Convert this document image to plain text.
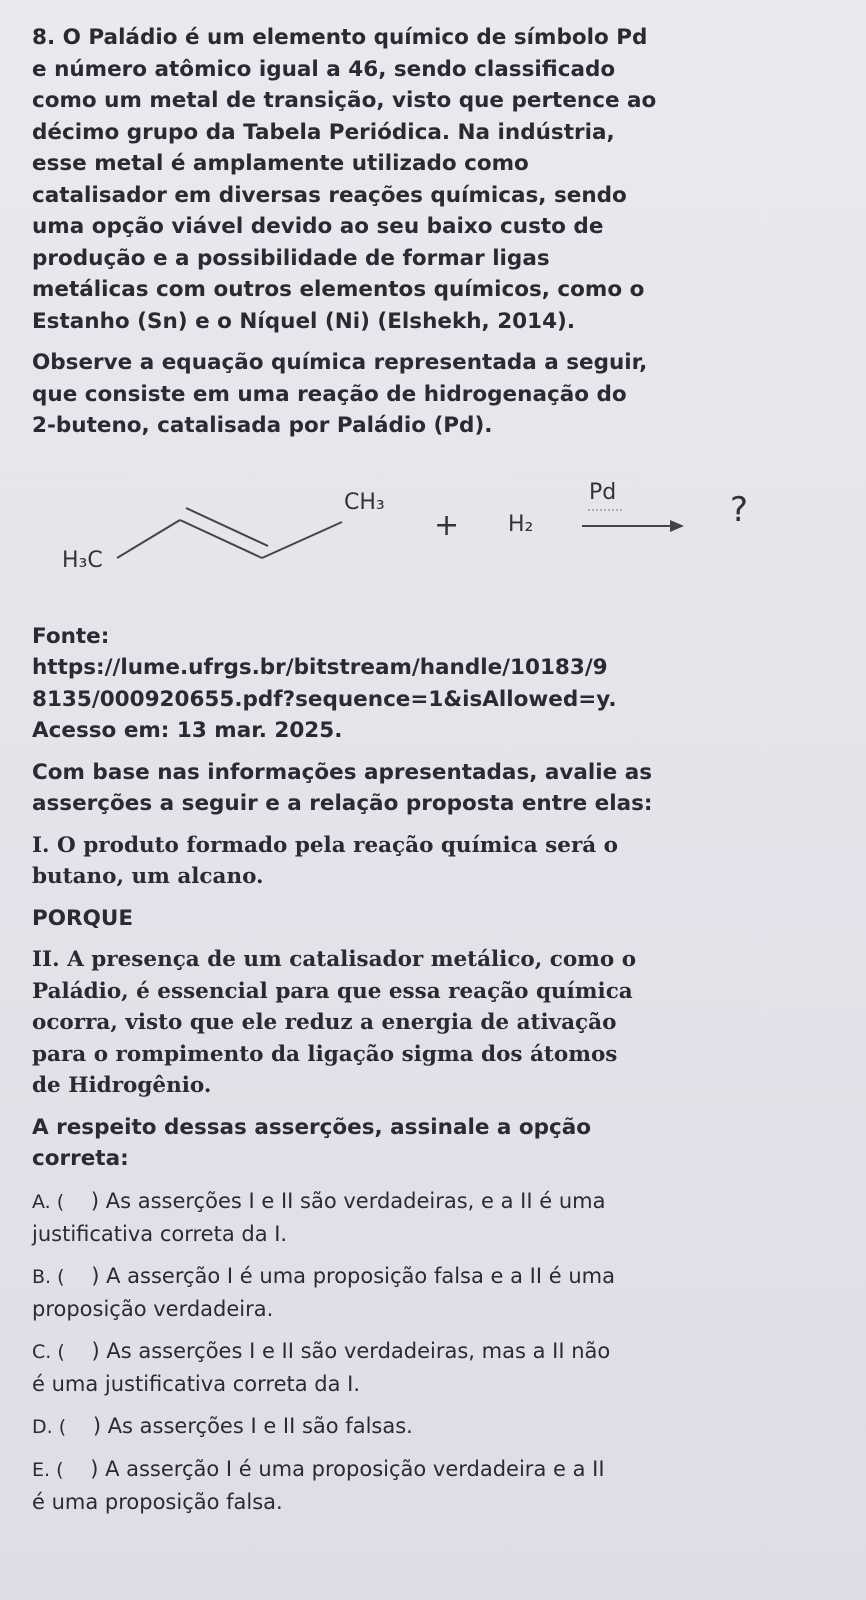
8. O Paládio é um elemento químico de símbolo Pd
e número atômico igual a 46, sendo classificado
como um metal de transição, visto que pertence ao
décimo grupo da Tabela Periódica. Na indústria,
esse metal é amplamente utilizado como
catalisador em diversas reações químicas, sendo
uma opção viável devido ao seu baixo custo de
produção e a possibilidade de formar ligas
metálicas com outros elementos químicos, como o
Estanho (Sn) e o Níquel (Ni) (Elshekh, 2014).

Observe a equação química representada a seguir,
que consiste em uma reação de hidrogenação do
2-buteno, catalisada por Paládio (Pd).

H₃C
CH₃
+ H₂
Pd	?

Fonte:
https://lume.ufrgs.br/bitstream/handle/10183/9
8135/000920655.pdf?sequence=1&isAllowed=y.
Acesso em: 13 mar. 2025.

Com base nas informações apresentadas, avalie as
asserções a seguir e a relação proposta entre elas:

I. O produto formado pela reação química será o
butano, um alcano.

PORQUE

II. A presença de um catalisador metálico, como o
Paládio, é essencial para que essa reação química
ocorra, visto que ele reduz a energia de ativação
para o rompimento da ligação sigma dos átomos
de Hidrogênio.

A respeito dessas asserções, assinale a opção
correta:

A. ( ) As asserções I e II são verdadeiras, e a II é uma
justificativa correta da I.

B. ( ) A asserção I é uma proposição falsa e a II é uma
proposição verdadeira.

C. ( ) As asserções I e II são verdadeiras, mas a II não
é uma justificativa correta da I.

D. ( ) As asserções I e II são falsas.

E. ( ) A asserção I é uma proposição verdadeira e a II
é uma proposição falsa.
